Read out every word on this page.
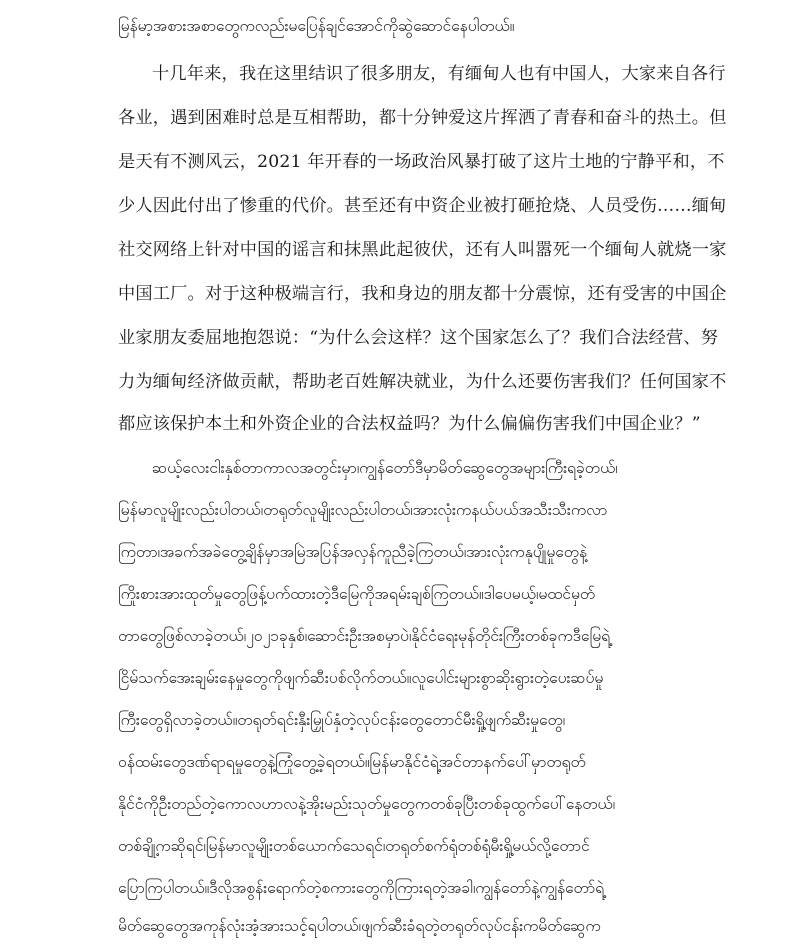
မြန်မာ့အစားအစာတွေကလည်းမပြေန်ချင်အောင်ကိုဆွဲဆောင်နေပါတယ်။
十几年来，我在这里结识了很多朋友，有缅甸人也有中国人，大家来自各行
各业，遇到困难时总是互相帮助，都十分钟爱这片挥洒了青春和奋斗的热土。但
是天有不测风云，2021 年开春的一场政治风暴打破了这片土地的宁静平和，不
少人因此付出了惨重的代价。甚至还有中资企业被打砸抢烧、人员受伤……缅甸
社交网络上针对中国的谣言和抹黑此起彼伏，还有人叫嚣死一个缅甸人就烧一家
中国工厂。对于这种极端言行，我和身边的朋友都十分震惊，还有受害的中国企
业家朋友委屈地抱怨说：“为什么会这样？这个国家怎么了？我们合法经营、努
力为缅甸经济做贡献，帮助老百姓解决就业，为什么还要伤害我们？任何国家不
都应该保护本土和外资企业的合法权益吗？为什么偏偏伤害我们中国企业？”
ဆယ့်လေးငါးနှစ်တာကာလအတွင်းမှာ၊ကျွန်တော်ဒီမှာမိတ်ဆွေတွေအများကြီးရခဲ့တယ်၊
မြန်မာလူမျိုးလည်းပါတယ်၊တရုတ်လူမျိုးလည်းပါတယ်၊အားလုံးကနယ်ပယ်အသီးသီးကလာ
ကြတာ၊အခက်အခဲတွေ့ချိန်မှာအမြဲအပြန်အလှန်ကူညီခဲ့ကြတယ်၊အားလုံးကနုပျိုမှုတွေနဲ့
ကြိုးစားအားထုတ်မှုတွေဖြန့်ပက်ထားတဲ့ဒီမြေကိုအရမ်းချစ်ကြတယ်။ဒါပေမယ့်၊မထင်မှတ်
တာတွေဖြစ်လာခဲ့တယ်၊၂၀၂၁ခုနှစ်၊ဆောင်းဦးအစမှာပဲ၊နိုင်ငံရေးမုန်တိုင်းကြီးတစ်ခုကဒီမြေရဲ့
ငြိမ်သက်အေးချမ်းနေမှုတွေကိုဖျက်ဆီးပစ်လိုက်တယ်။လူပေါင်းများစွာဆိုးရွားတဲ့ပေးဆပ်မှု
ကြီးတွေရှိလာခဲ့တယ်။တရုတ်ရင်းနှီးမြှုပ်နှံတဲ့လုပ်ငန်းတွေတောင်မီးရှို့ဖျက်ဆီးမှုတွေ၊
ဝန်ထမ်းတွေဒဏ်ရာရမှုတွေနဲ့ကြုံတွေ့ခဲ့ရတယ်။မြန်မာနိုင်ငံရဲ့အင်တာနက်ပေါ်မှာတရုတ်
နိုင်ငံကိုဦးတည်တဲ့ကောလဟာလနဲ့အိုးမည်းသုတ်မှုတွေကတစ်ခုပြီးတစ်ခုထွက်ပေါ်နေတယ်၊
တစ်ချို့ကဆိုရင်၊မြန်မာလူမျိုးတစ်ယောက်သေရင်၊တရုတ်စက်ရုံတစ်ရုံမီးရှို့မယ်လို့တောင်
ပြောကြပါတယ်။ဒီလိုအစွန်းရောက်တဲ့စကားတွေကိုကြားရတဲ့အခါ၊ကျွန်တော်နဲ့ကျွန်တော်ရဲ့
မိတ်ဆွေတွေအကုန်လုံးအံ့အားသင့်ရပါတယ်၊ဖျက်ဆီးခံရတဲ့တရုတ်လုပ်ငန်းကမိတ်ဆွေက
